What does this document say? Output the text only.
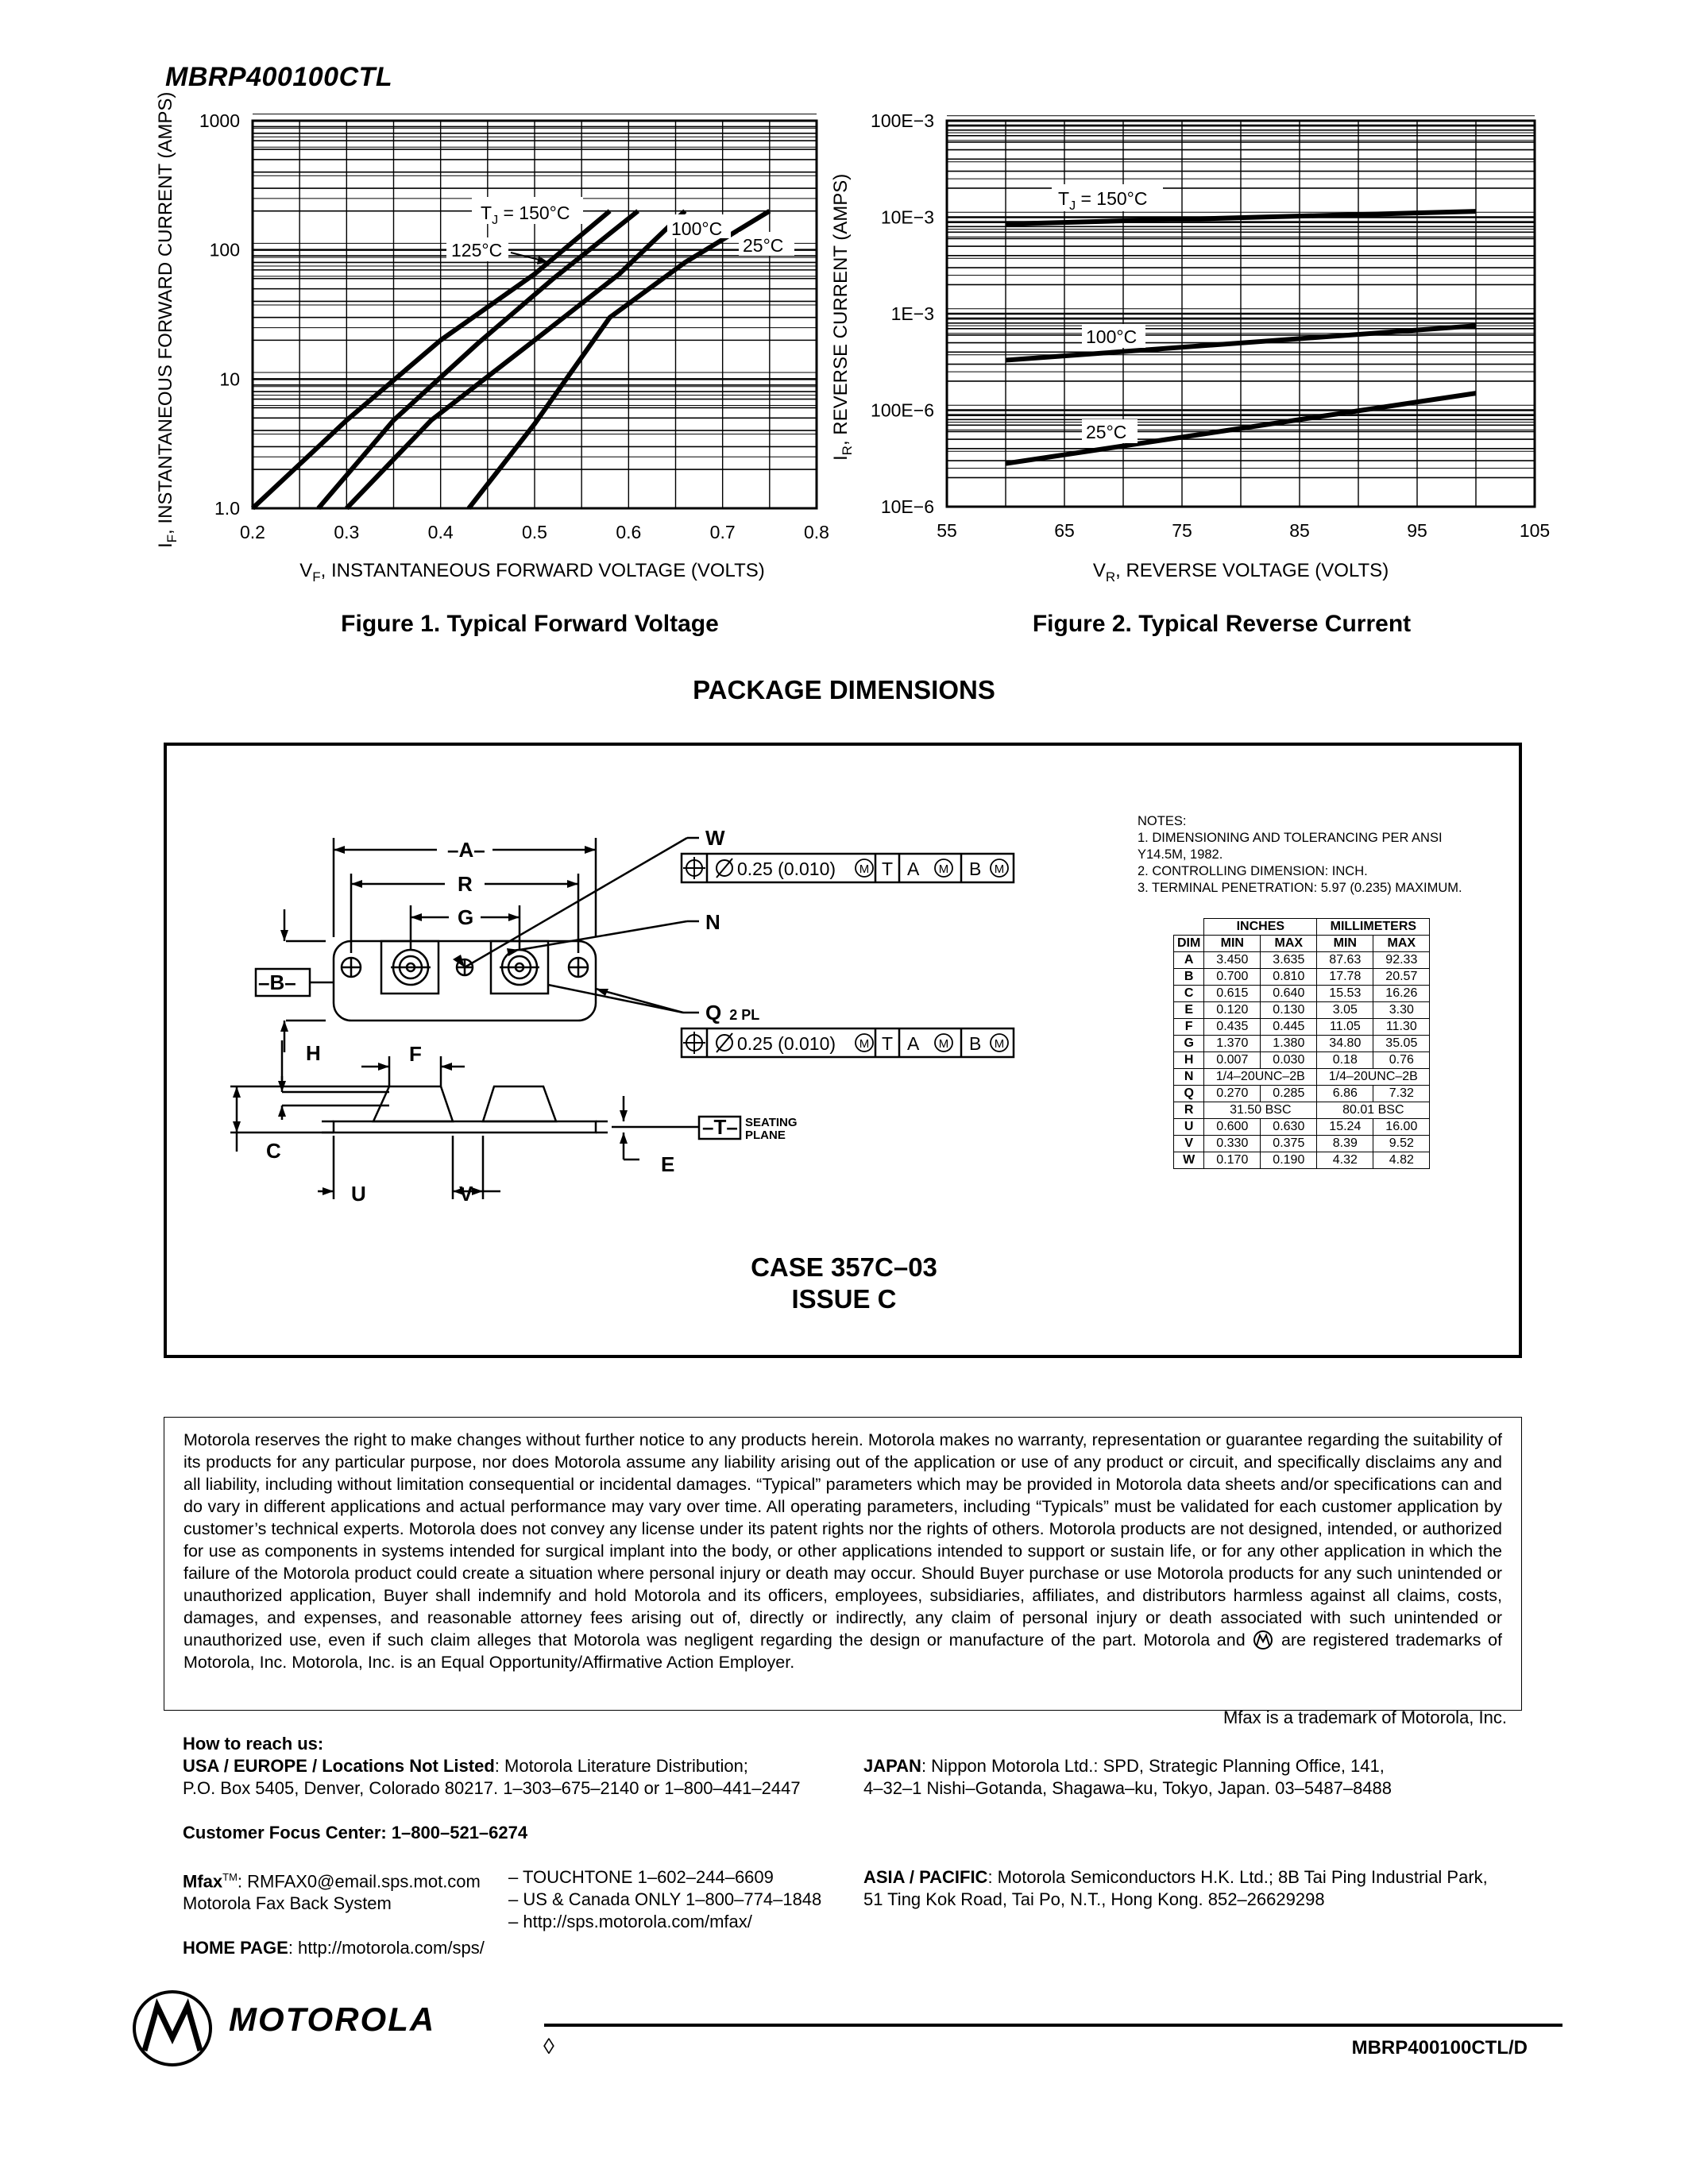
MBRP400100CTL
0.2	0.3	0.4	0.5	0.6	0.7	0.8
1.0
10
100
1000
$I_F$, INSTANTANEOUS FORWARD CURRENT (AMPS)
$V_F$, INSTANTANEOUS FORWARD VOLTAGE (VOLTS)
$T_J = 150^\circ C$
125°C
100°C
25°C
Figure 1. Typical Forward Voltage
55	65	75	85	95	105
10E−6
100E−6
1E−3
10E−3
100E−3
$I_R$, REVERSE CURRENT (AMPS)
$V_R$, REVERSE VOLTAGE (VOLTS)
$T_J = 150^\circ C$
100°C
25°C
Figure 2. Typical Reverse Current
PACKAGE DIMENSIONS
–A–
R
G
–B–
W
N
Q 2 PL
H	F
C
U	V
E
–T– SEATING
PLANE
0.25 (0.010) M T A M B M
0.25 (0.010) M T A M B M
NOTES:
1. DIMENSIONING AND TOLERANCING PER ANSI
Y14.5M, 1982.
2. CONTROLLING DIMENSION: INCH.
3. TERMINAL PENETRATION: 5.97 (0.235) MAXIMUM.
	INCHES		MILLIMETERS	
DIM	MIN	MAX	MIN	MAX
A	3.450	3.635	87.63	92.33
B	0.700	0.810	17.78	20.57
C	0.615	0.640	15.53	16.26
E	0.120	0.130	3.05	3.30
F	0.435	0.445	11.05	11.30
G	1.370	1.380	34.80	35.05
H	0.007	0.030	0.18	0.76
N	1/4–20UNC–2B		1/4–20UNC–2B	
Q	0.270	0.285	6.86	7.32
R	31.50 BSC		80.01 BSC	
U	0.600	0.630	15.24	16.00
V	0.330	0.375	8.39	9.52
W	0.170	0.190	4.32	4.82
CASE 357C–03
ISSUE C
Motorola reserves the right to make changes without further notice to any products herein. Motorola makes no warranty, representation or guarantee regarding the suitability of its products for any particular purpose, nor does Motorola assume any liability arising out of the application or use of any product or circuit, and specifically disclaims any and all liability, including without limitation consequential or incidental damages. “Typical” parameters which may be provided in Motorola data sheets and/or specifications can and do vary in different applications and actual performance may vary over time. All operating parameters, including “Typicals” must be validated for each customer application by customer’s technical experts. Motorola does not convey any license under its patent rights nor the rights of others. Motorola products are not designed, intended, or authorized for use as components in systems intended for surgical implant into the body, or other applications intended to support or sustain life, or for any other application in which the failure of the Motorola product could create a situation where personal injury or death may occur. Should Buyer purchase or use Motorola products for any such unintended or unauthorized application, Buyer shall indemnify and hold Motorola and its officers, employees, subsidiaries, affiliates, and distributors harmless against all claims, costs, damages, and expenses, and reasonable attorney fees arising out of, directly or indirectly, any claim of personal injury or death associated with such unintended or unauthorized use, even if such claim alleges that Motorola was negligent regarding the design or manufacture of the part. Motorola and are registered trademarks of Motorola, Inc. Motorola, Inc. is an Equal Opportunity/Affirmative Action Employer.
Mfax is a trademark of Motorola, Inc.
How to reach us:
USA / EUROPE / Locations Not Listed: Motorola Literature Distribution;
P.O. Box 5405, Denver, Colorado 80217. 1–303–675–2140 or 1–800–441–2447
Customer Focus Center: 1–800–521–6274
Mfax™: RMFAX0@email.sps.mot.com
Motorola Fax Back System
HOME PAGE: http://motorola.com/sps/
– TOUCHTONE 1–602–244–6609
– US & Canada ONLY 1–800–774–1848
– http://sps.motorola.com/mfax/
JAPAN: Nippon Motorola Ltd.: SPD, Strategic Planning Office, 141,
4–32–1 Nishi–Gotanda, Shagawa–ku, Tokyo, Japan. 03–5487–8488
ASIA / PACIFIC: Motorola Semiconductors H.K. Ltd.; 8B Tai Ping Industrial Park,
51 Ting Kok Road, Tai Po, N.T., Hong Kong. 852–26629298
MOTOROLA
◊	MBRP400100CTL/D
